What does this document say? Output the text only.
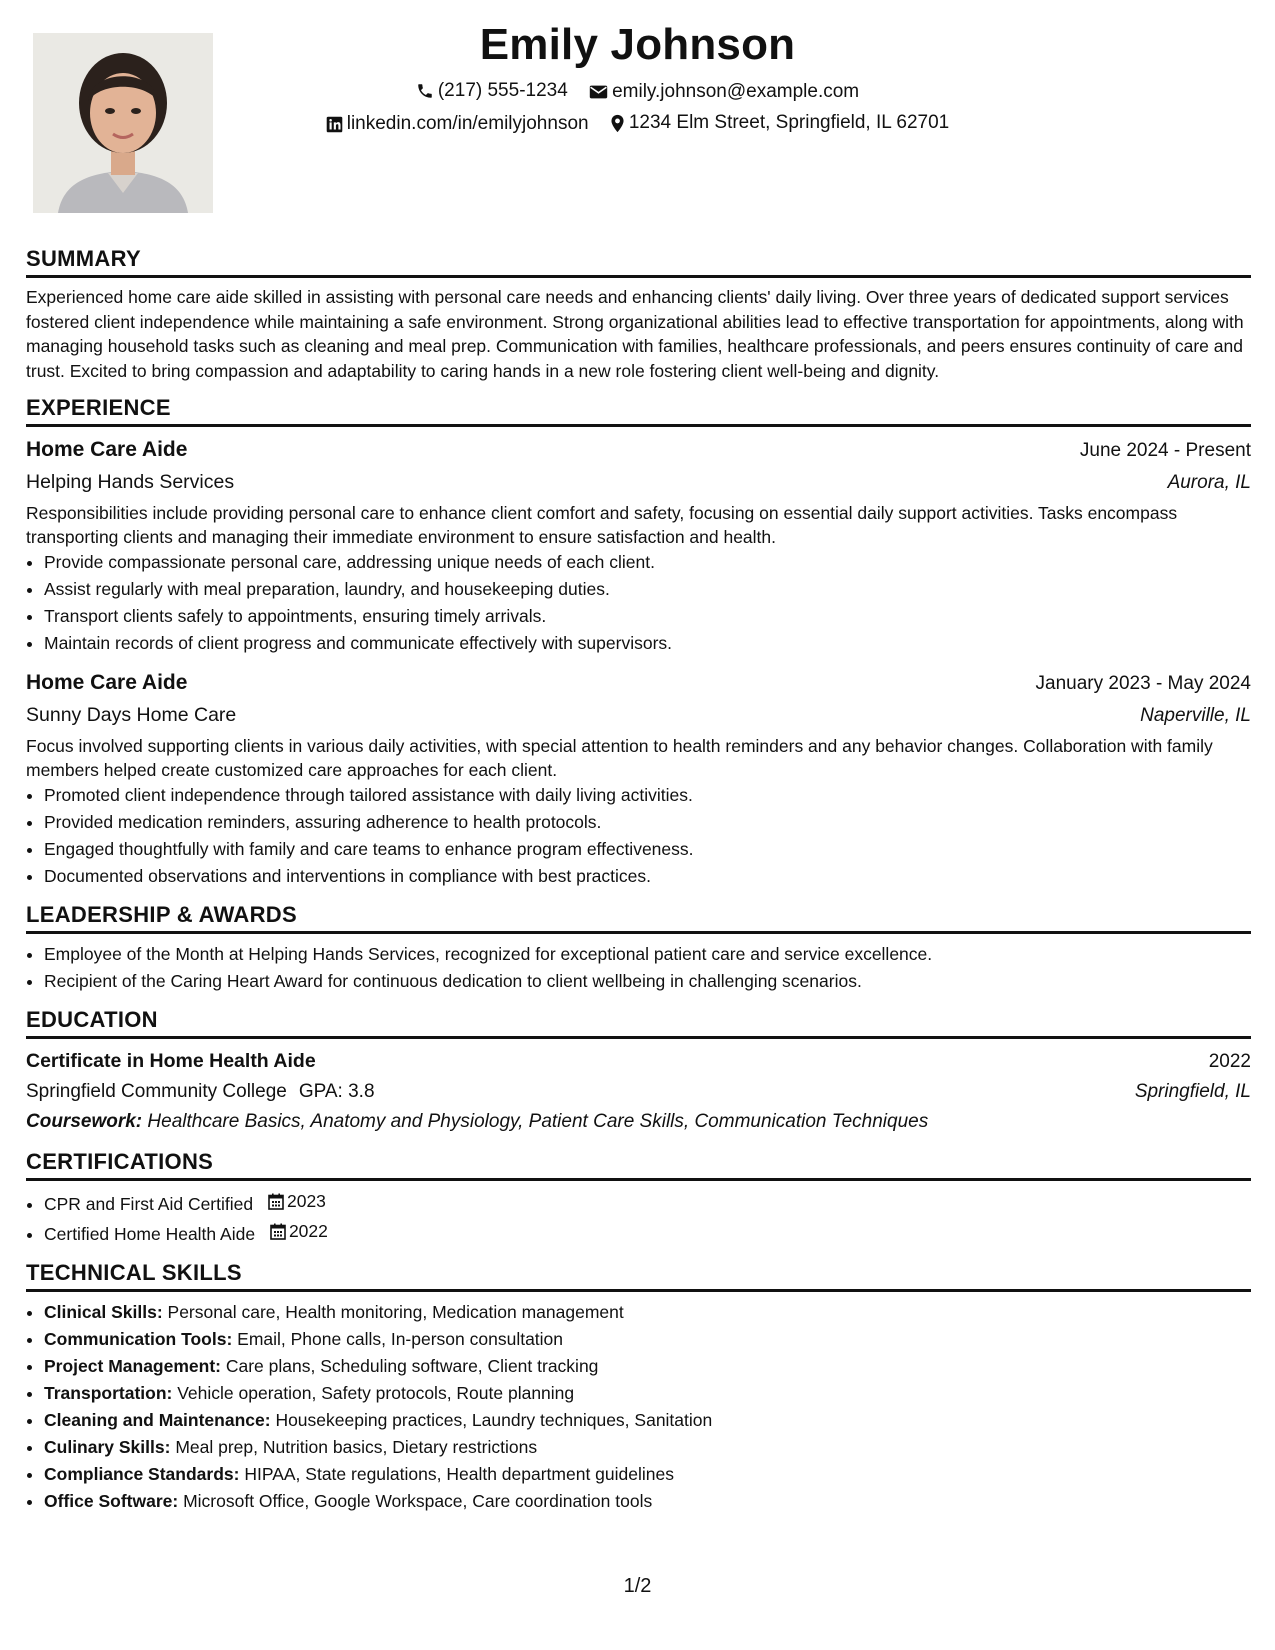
Emily Johnson
(217) 555-1234
emily.johnson@example.com
linkedin.com/in/emilyjohnson
1234 Elm Street, Springfield, IL 62701
SUMMARY
Experienced home care aide skilled in assisting with personal care needs and enhancing clients' daily living. Over three years of dedicated support services fostered client independence while maintaining a safe environment. Strong organizational abilities lead to effective transportation for appointments, along with managing household tasks such as cleaning and meal prep. Communication with families, healthcare professionals, and peers ensures continuity of care and trust. Excited to bring compassion and adaptability to caring hands in a new role fostering client well-being and dignity.
EXPERIENCE
Home Care Aide	June 2024 - Present
Helping Hands Services	Aurora, IL
Responsibilities include providing personal care to enhance client comfort and safety, focusing on essential daily support activities. Tasks encompass transporting clients and managing their immediate environment to ensure satisfaction and health.
• Provide compassionate personal care, addressing unique needs of each client.
• Assist regularly with meal preparation, laundry, and housekeeping duties.
• Transport clients safely to appointments, ensuring timely arrivals.
• Maintain records of client progress and communicate effectively with supervisors.
Home Care Aide	January 2023 - May 2024
Sunny Days Home Care	Naperville, IL
Focus involved supporting clients in various daily activities, with special attention to health reminders and any behavior changes. Collaboration with family members helped create customized care approaches for each client.
• Promoted client independence through tailored assistance with daily living activities.
• Provided medication reminders, assuring adherence to health protocols.
• Engaged thoughtfully with family and care teams to enhance program effectiveness.
• Documented observations and interventions in compliance with best practices.
LEADERSHIP & AWARDS
• Employee of the Month at Helping Hands Services, recognized for exceptional patient care and service excellence.
• Recipient of the Caring Heart Award for continuous dedication to client wellbeing in challenging scenarios.
EDUCATION
Certificate in Home Health Aide	2022
Springfield Community College GPA: 3.8	Springfield, IL
Coursework: Healthcare Basics, Anatomy and Physiology, Patient Care Skills, Communication Techniques
CERTIFICATIONS
• CPR and First Aid Certified 2023
• Certified Home Health Aide 2022
TECHNICAL SKILLS
• Clinical Skills: Personal care, Health monitoring, Medication management
• Communication Tools: Email, Phone calls, In-person consultation
• Project Management: Care plans, Scheduling software, Client tracking
• Transportation: Vehicle operation, Safety protocols, Route planning
• Cleaning and Maintenance: Housekeeping practices, Laundry techniques, Sanitation
• Culinary Skills: Meal prep, Nutrition basics, Dietary restrictions
• Compliance Standards: HIPAA, State regulations, Health department guidelines
• Office Software: Microsoft Office, Google Workspace, Care coordination tools
1/2
